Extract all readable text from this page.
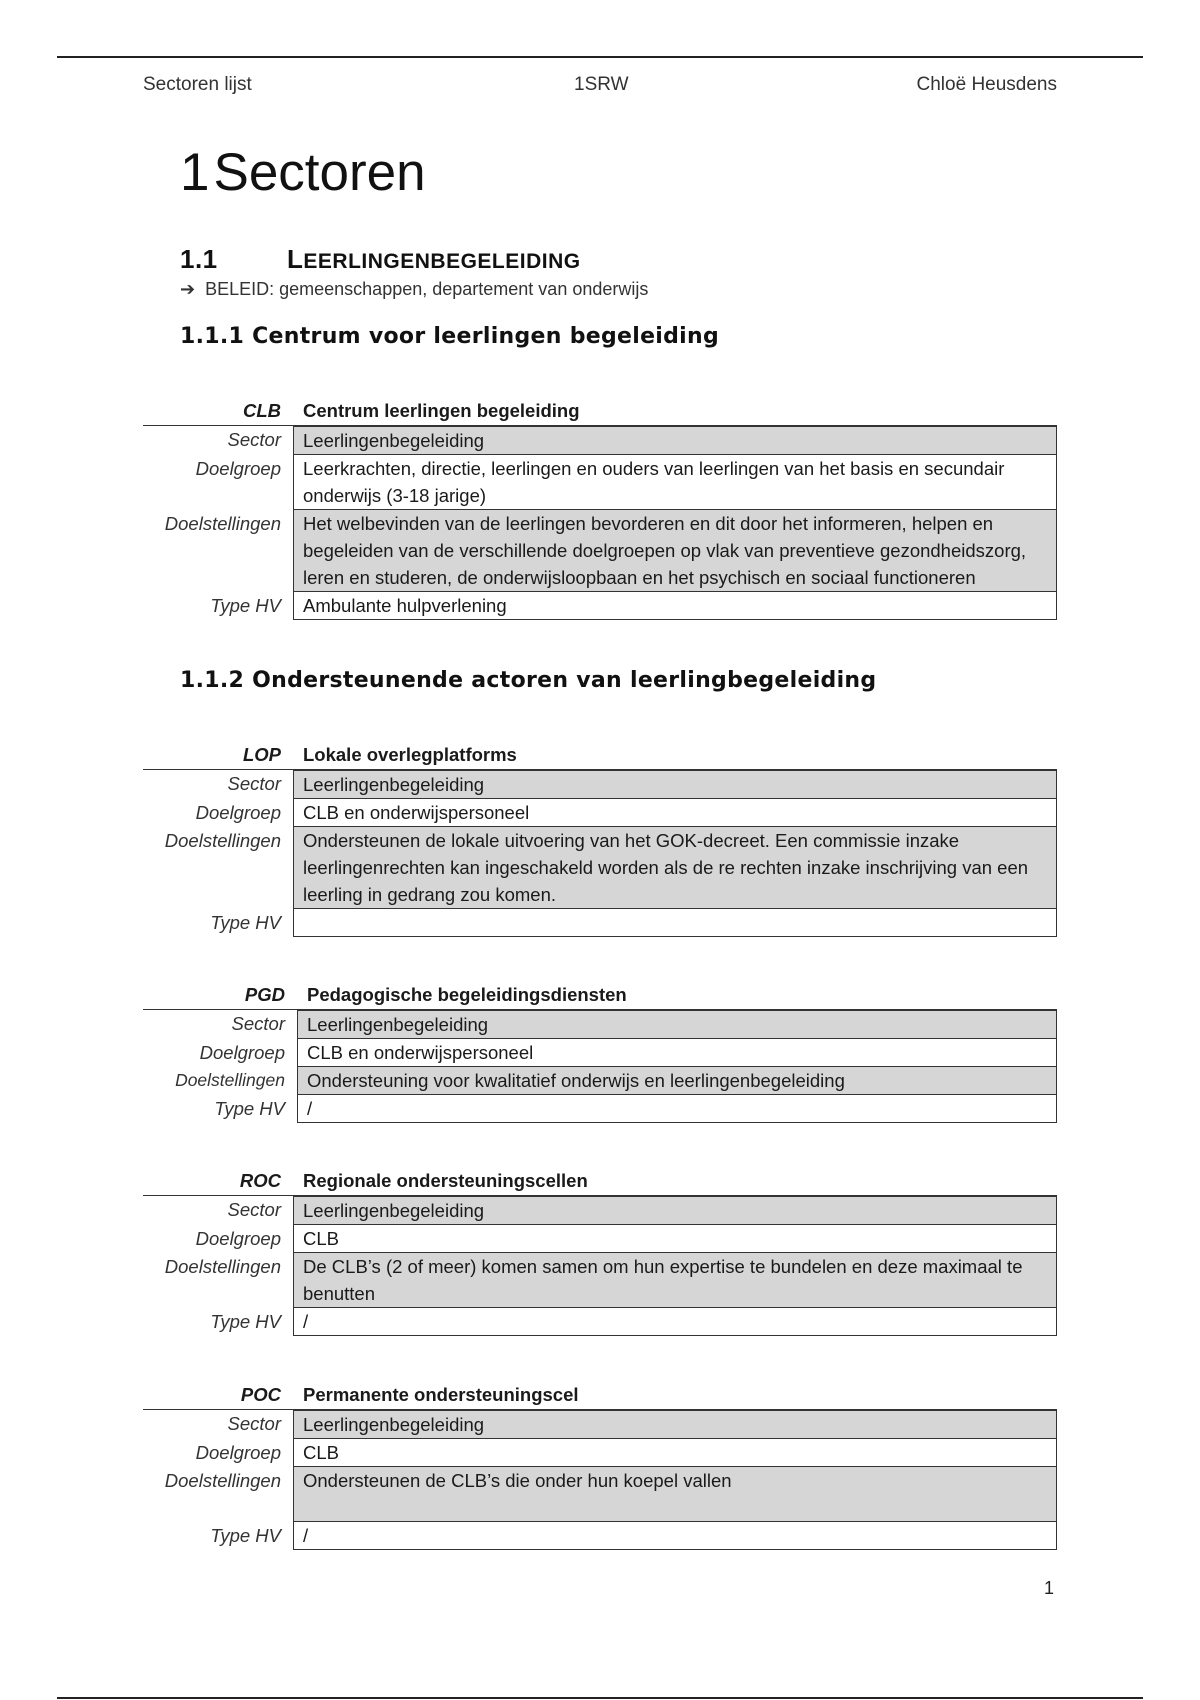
Sectoren lijst	1SRW	Chloë Heusdens
1Sectoren
1.1	LEERLINGENBEGELEIDING
➔ BELEID: gemeenschappen, departement van onderwijs
1.1.1 Centrum voor leerlingen begeleiding
CLB Centrum leerlingen begeleiding
Sector	Leerlingenbegeleiding
Doelgroep	Leerkrachten, directie, leerlingen en ouders van leerlingen van het basis en secundair onderwijs (3-18 jarige)
Doelstellingen	Het welbevinden van de leerlingen bevorderen en dit door het informeren, helpen en begeleiden van de verschillende doelgroepen op vlak van preventieve gezondheidszorg, leren en studeren, de onderwijsloopbaan en het psychisch en sociaal functioneren
Type HV	Ambulante hulpverlening
1.1.2 Ondersteunende actoren van leerlingbegeleiding
LOP Lokale overlegplatforms
Sector	Leerlingenbegeleiding
Doelgroep	CLB en onderwijspersoneel
Doelstellingen	Ondersteunen de lokale uitvoering van het GOK-decreet. Een commissie inzake leerlingenrechten kan ingeschakeld worden als de re rechten inzake inschrijving van een leerling in gedrang zou komen.
Type HV
PGD Pedagogische begeleidingsdiensten
Sector	Leerlingenbegeleiding
Doelgroep	CLB en onderwijspersoneel
Doelstellingen	Ondersteuning voor kwalitatief onderwijs en leerlingenbegeleiding
Type HV	/
ROC Regionale ondersteuningscellen
Sector	Leerlingenbegeleiding
Doelgroep	CLB
Doelstellingen	De CLB’s (2 of meer) komen samen om hun expertise te bundelen en deze maximaal te benutten
Type HV	/
POC Permanente ondersteuningscel
Sector	Leerlingenbegeleiding
Doelgroep	CLB
Doelstellingen	Ondersteunen de CLB’s die onder hun koepel vallen
Type HV	/
1
